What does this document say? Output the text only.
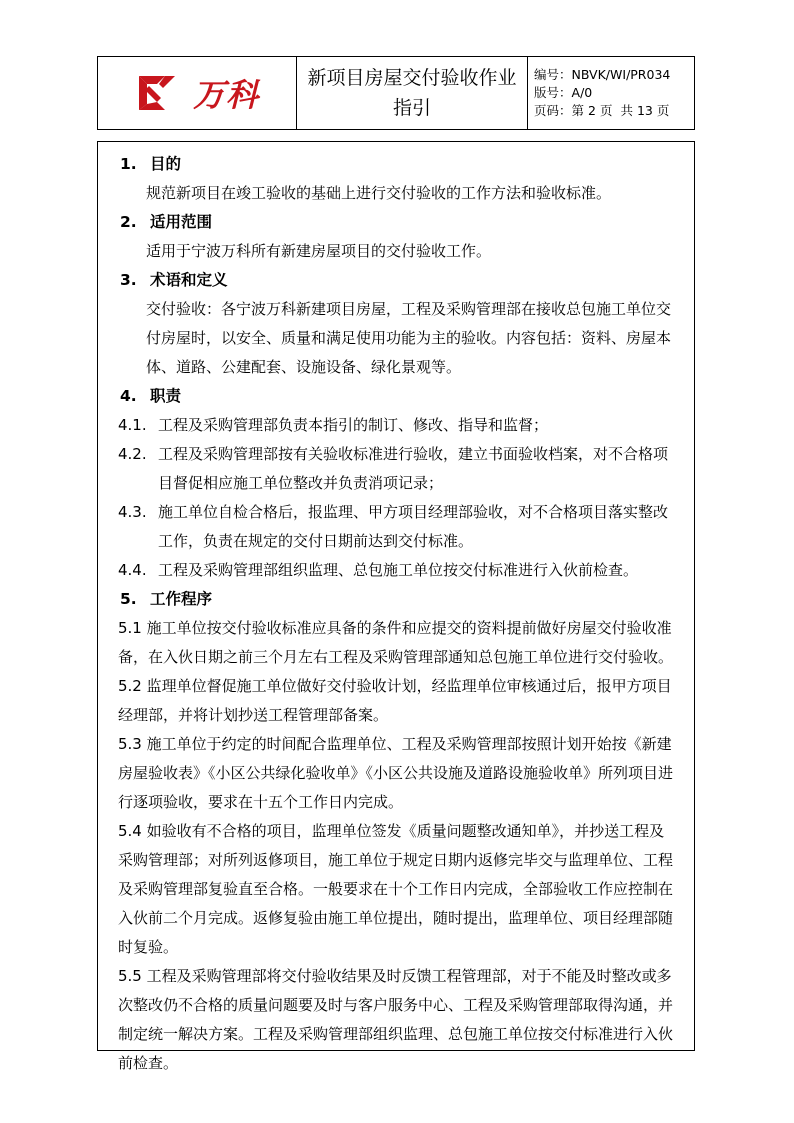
万科	新项目房屋交付验收作业指引
编号：NBVK/WI/PR034
版号：A/0
页码：第 2 页 共 13 页
1. 目的
规范新项目在竣工验收的基础上进行交付验收的工作方法和验收标准。
2. 适用范围
适用于宁波万科所有新建房屋项目的交付验收工作。
3. 术语和定义
交付验收：各宁波万科新建项目房屋，工程及采购管理部在接收总包施工单位交付房屋时，以安全、质量和满足使用功能为主的验收。内容包括：资料、房屋本体、道路、公建配套、设施设备、绿化景观等。
4. 职责
4.1. 工程及采购管理部负责本指引的制订、修改、指导和监督；
4.2. 工程及采购管理部按有关验收标准进行验收，建立书面验收档案，对不合格项目督促相应施工单位整改并负责消项记录；
4.3. 施工单位自检合格后，报监理、甲方项目经理部验收，对不合格项目落实整改工作，负责在规定的交付日期前达到交付标准。
4.4. 工程及采购管理部组织监理、总包施工单位按交付标准进行入伙前检查。
5. 工作程序
5.1 施工单位按交付验收标准应具备的条件和应提交的资料提前做好房屋交付验收准备，在入伙日期之前三个月左右工程及采购管理部通知总包施工单位进行交付验收。
5.2 监理单位督促施工单位做好交付验收计划，经监理单位审核通过后，报甲方项目经理部，并将计划抄送工程管理部备案。
5.3 施工单位于约定的时间配合监理单位、工程及采购管理部按照计划开始按《新建房屋验收表》《小区公共绿化验收单》《小区公共设施及道路设施验收单》所列项目进行逐项验收，要求在十五个工作日内完成。
5.4 如验收有不合格的项目，监理单位签发《质量问题整改通知单》，并抄送工程及采购管理部；对所列返修项目，施工单位于规定日期内返修完毕交与监理单位、工程及采购管理部复验直至合格。一般要求在十个工作日内完成，全部验收工作应控制在入伙前二个月完成。返修复验由施工单位提出，随时提出，监理单位、项目经理部随时复验。
5.5 工程及采购管理部将交付验收结果及时反馈工程管理部，对于不能及时整改或多次整改仍不合格的质量问题要及时与客户服务中心、工程及采购管理部取得沟通，并制定统一解决方案。工程及采购管理部组织监理、总包施工单位按交付标准进行入伙前检查。
